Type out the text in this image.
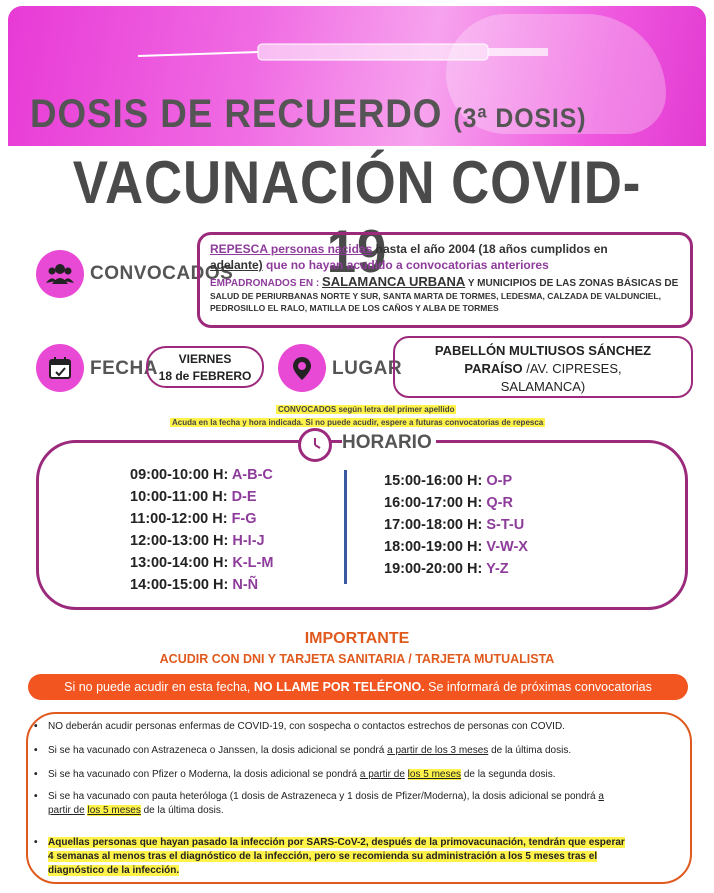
DOSIS DE RECUERDO (3ª DOSIS)
VACUNACIÓN COVID-19
CONVOCADOS
REPESCA personas nacidas hasta el año 2004 (18 años cumplidos en
adelante) que no hayan acudido a convocatorias anteriores
EMPADRONADOS EN : SALAMANCA URBANA Y MUNICIPIOS DE LAS ZONAS BÁSICAS DE
SALUD DE PERIURBANAS NORTE Y SUR, SANTA MARTA DE TORMES, LEDESMA, CALZADA DE VALDUNCIEL, PEDROSILLO EL RALO, MATILLA DE LOS CAÑOS Y ALBA DE TORMES
FECHA	VIERNES
18 de FEBRERO	LUGAR
PABELLÓN MULTIUSOS SÁNCHEZ
PARAÍSO /AV. CIPRESES,
SALAMANCA)
CONVOCADOS según letra del primer apellido
Acuda en la fecha y hora indicada. Si no puede acudir, espere a futuras convocatorias de repesca
HORARIO
09:00-10:00 H: A-B-C
10:00-11:00 H: D-E
11:00-12:00 H: F-G
12:00-13:00 H: H-I-J
13:00-14:00 H: K-L-M
14:00-15:00 H: N-Ñ
15:00-16:00 H: O-P
16:00-17:00 H: Q-R
17:00-18:00 H: S-T-U
18:00-19:00 H: V-W-X
19:00-20:00 H: Y-Z
IMPORTANTE
ACUDIR CON DNI Y TARJETA SANITARIA / TARJETA MUTUALISTA
Si no puede acudir en esta fecha, NO LLAME POR TELÉFONO. Se informará de próximas convocatorias
• NO deberán acudir personas enfermas de COVID-19, con sospecha o contactos estrechos de personas con COVID.
• Si se ha vacunado con Astrazeneca o Janssen, la dosis adicional se pondrá a partir de los 3 meses de la última dosis.
• Si se ha vacunado con Pfizer o Moderna, la dosis adicional se pondrá a partir de los 5 meses de la segunda dosis.
• Si se ha vacunado con pauta heteróloga (1 dosis de Astrazeneca y 1 dosis de Pfizer/Moderna), la dosis adicional se pondrá a
partir de los 5 meses de la última dosis.
• Aquellas personas que hayan pasado la infección por SARS-CoV-2, después de la primovacunación, tendrán que esperar
4 semanas al menos tras el diagnóstico de la infección, pero se recomienda su administración a los 5 meses tras el
diagnóstico de la infección.
